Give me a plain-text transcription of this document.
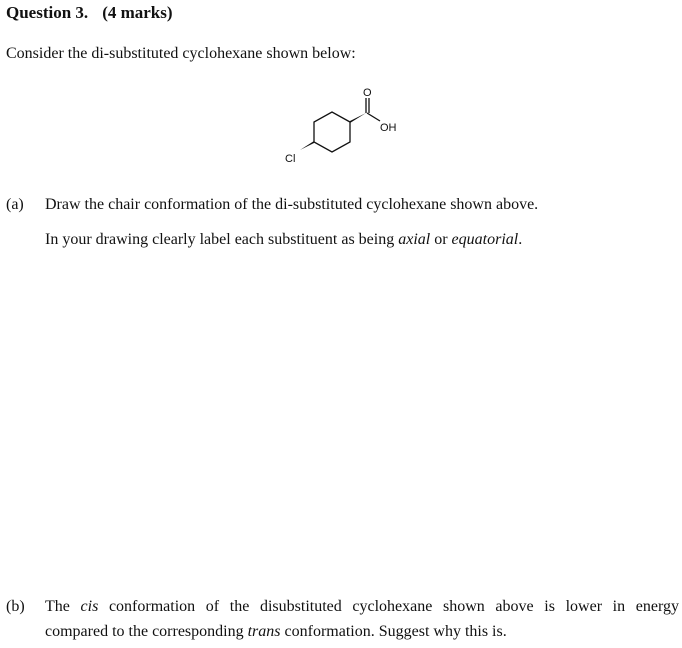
Question 3. (4 marks)
Consider the di-substituted cyclohexane shown below:
O
OH
Cl
(a) Draw the chair conformation of the di-substituted cyclohexane shown above.
In your drawing clearly label each substituent as being axial or equatorial.
(b) The cis conformation of the disubstituted cyclohexane shown above is lower in energy
compared to the corresponding trans conformation. Suggest why this is.
